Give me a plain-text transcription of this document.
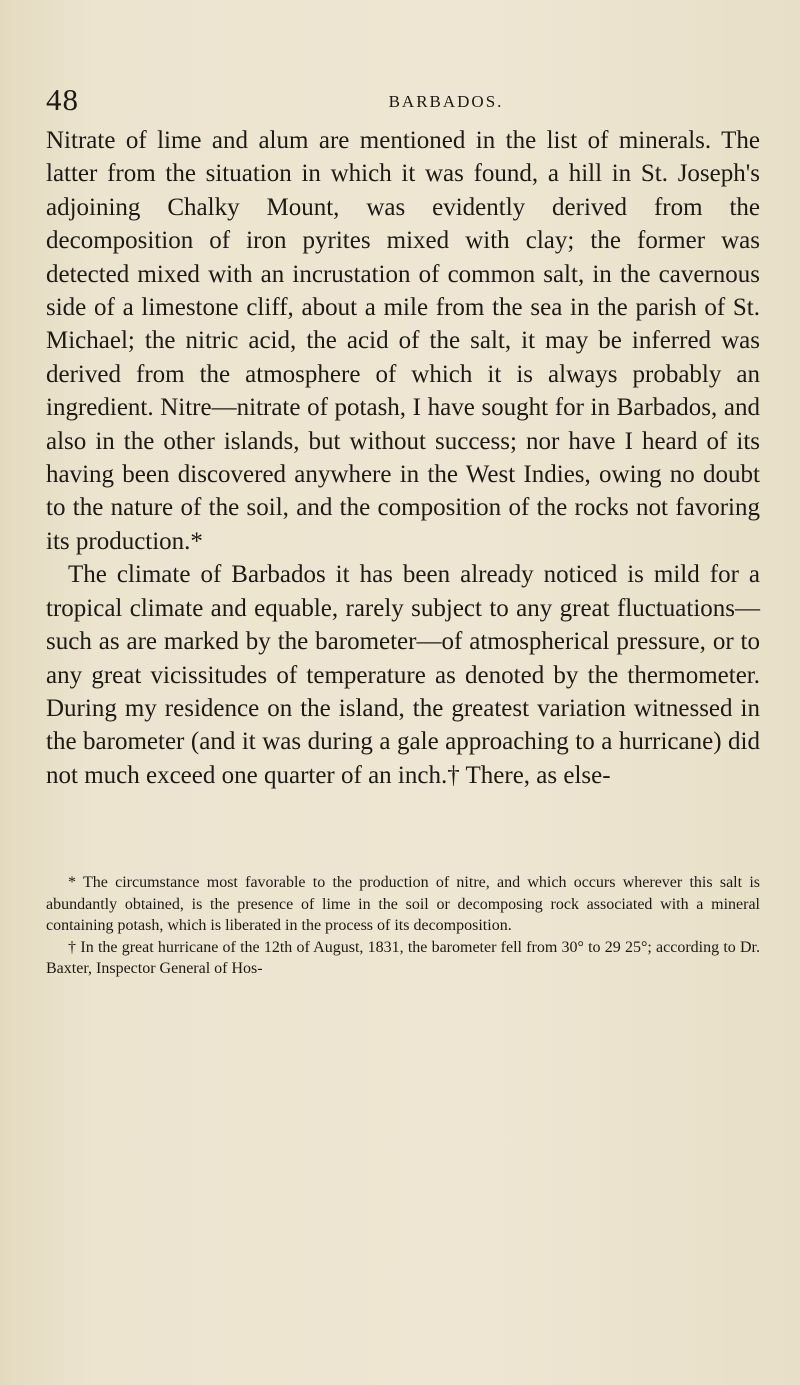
48	BARBADOS.

Nitrate of lime and alum are mentioned in the list of minerals. The latter from the situation in which it was found, a hill in St. Joseph's adjoining Chalky Mount, was evidently derived from the decomposition of iron pyrites mixed with clay; the former was detected mixed with an incrustation of common salt, in the cavernous side of a limestone cliff, about a mile from the sea in the parish of St. Michael; the nitric acid, the acid of the salt, it may be inferred was derived from the atmosphere of which it is always probably an ingredient. Nitre—nitrate of potash, I have sought for in Barbados, and also in the other islands, but without success; nor have I heard of its having been discovered anywhere in the West Indies, owing no doubt to the nature of the soil, and the composition of the rocks not favoring its production.*

The climate of Barbados it has been already noticed is mild for a tropical climate and equable, rarely subject to any great fluctuations—such as are marked by the barometer—of atmospherical pressure, or to any great vicissitudes of temperature as denoted by the thermometer. During my residence on the island, the greatest variation witnessed in the barometer (and it was during a gale approaching to a hurricane) did not much exceed one quarter of an inch.† There, as else-

* The circumstance most favorable to the production of nitre, and which occurs wherever this salt is abundantly obtained, is the presence of lime in the soil or decomposing rock associated with a mineral containing potash, which is liberated in the process of its decomposition.

† In the great hurricane of the 12th of August, 1831, the barometer fell from 30° to 29 25°; according to Dr. Baxter, Inspector General of Hos-
